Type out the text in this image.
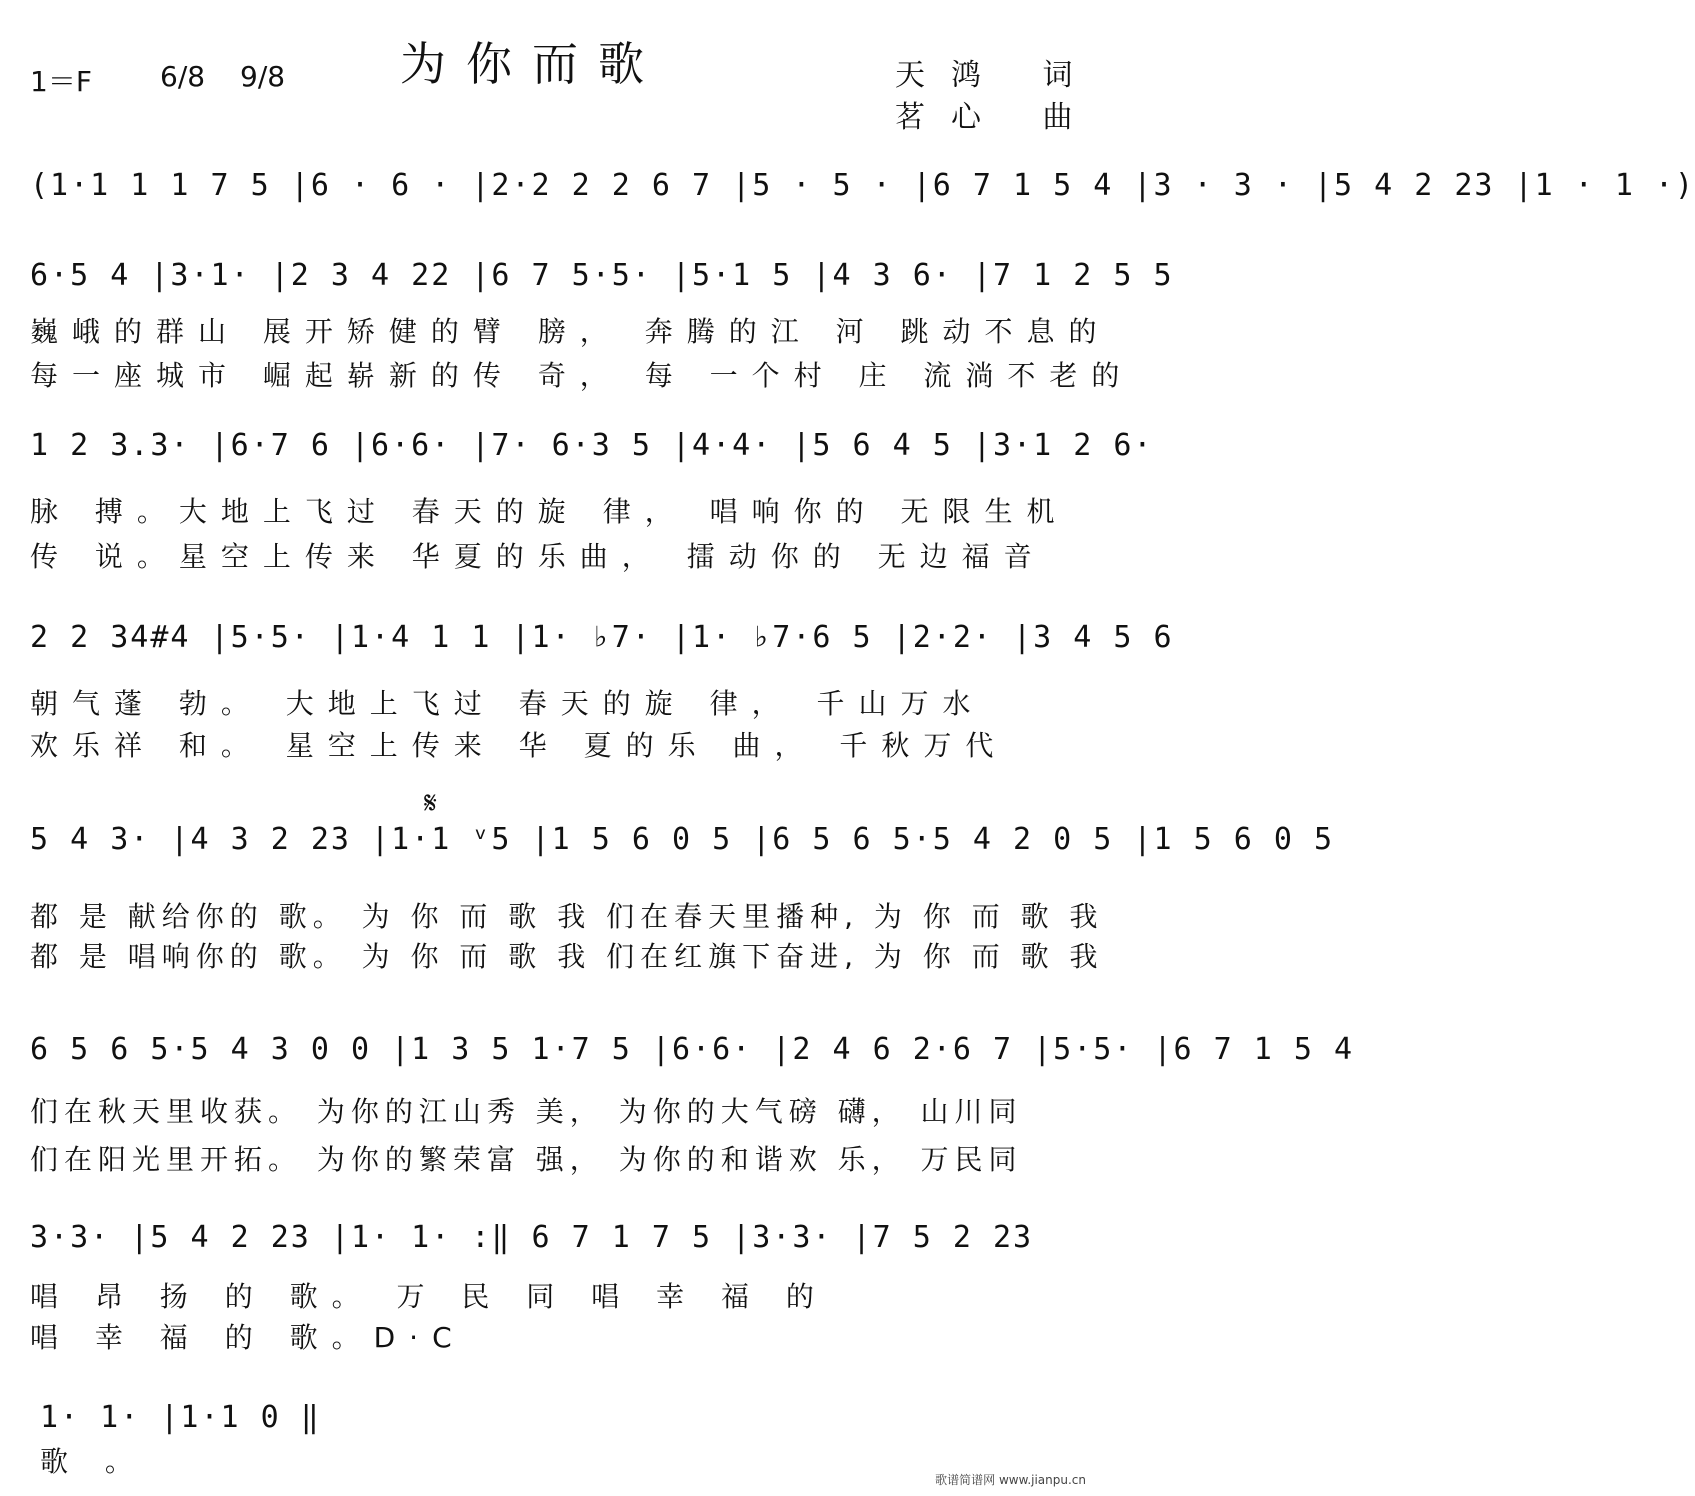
为你而歌
1＝F 6/8 9/8	天鸿 词
茗心 曲
(1·1 1 1 7 5 |6 · 6 · |2·2 2 2 6 7 |5 · 5 · |6 7 1 5 4 |3 · 3 · |5 4 2 23 |1 · 1 ·)
6·5 4 |3·1· |2 3 4 22 |6 7 5·5· |5·1 5 |4 3 6· |7 1 2 5 5
巍峨的群山 展开矫健的臂 膀， 奔腾的江 河 跳动不息的
每一座城市 崛起崭新的传 奇， 每 一个村 庄 流淌不老的
1 2 3.3· |6·7 6 |6·6· |7· 6·3 5 |4·4· |5 6 4 5 |3·1 2 6·
脉 搏。大地上飞过 春天的旋 律， 唱响你的 无限生机
传 说。星空上传来 华夏的乐曲， 擂动你的 无边福音
2 2 34#4 |5·5· |1·4 1 1 |1· ♭7· |1· ♭7·6 5 |2·2· |3 4 5 6
朝气蓬 勃。 大地上飞过 春天的旋 律， 千山万水
欢乐祥 和。 星空上传来 华 夏的乐 曲， 千秋万代
𝄋
5 4 3· |4 3 2 23 |1·1 ᵛ5 |1 5 6 0 5 |6 5 6 5·5 4 2 0 5 |1 5 6 0 5
都 是 献给你的 歌。 为 你 而 歌 我 们在春天里播种, 为 你 而 歌 我
都 是 唱响你的 歌。 为 你 而 歌 我 们在红旗下奋进, 为 你 而 歌 我
6 5 6 5·5 4 3 0 0 |1 3 5 1·7 5 |6·6· |2 4 6 2·6 7 |5·5· |6 7 1 5 4
们在秋天里收获。 为你的江山秀 美， 为你的大气磅 礴， 山川同
们在阳光里开拓。 为你的繁荣富 强， 为你的和谐欢 乐， 万民同
3·3· |5 4 2 23 |1· 1· :‖ 6 7 1 7 5 |3·3· |7 5 2 23
唱 昂 扬 的 歌。 万 民 同 唱 幸 福 的
唱 幸 福 的 歌。D·C
1· 1· |1·1 0 ‖
歌 。
歌谱简谱网 www.jianpu.cn
